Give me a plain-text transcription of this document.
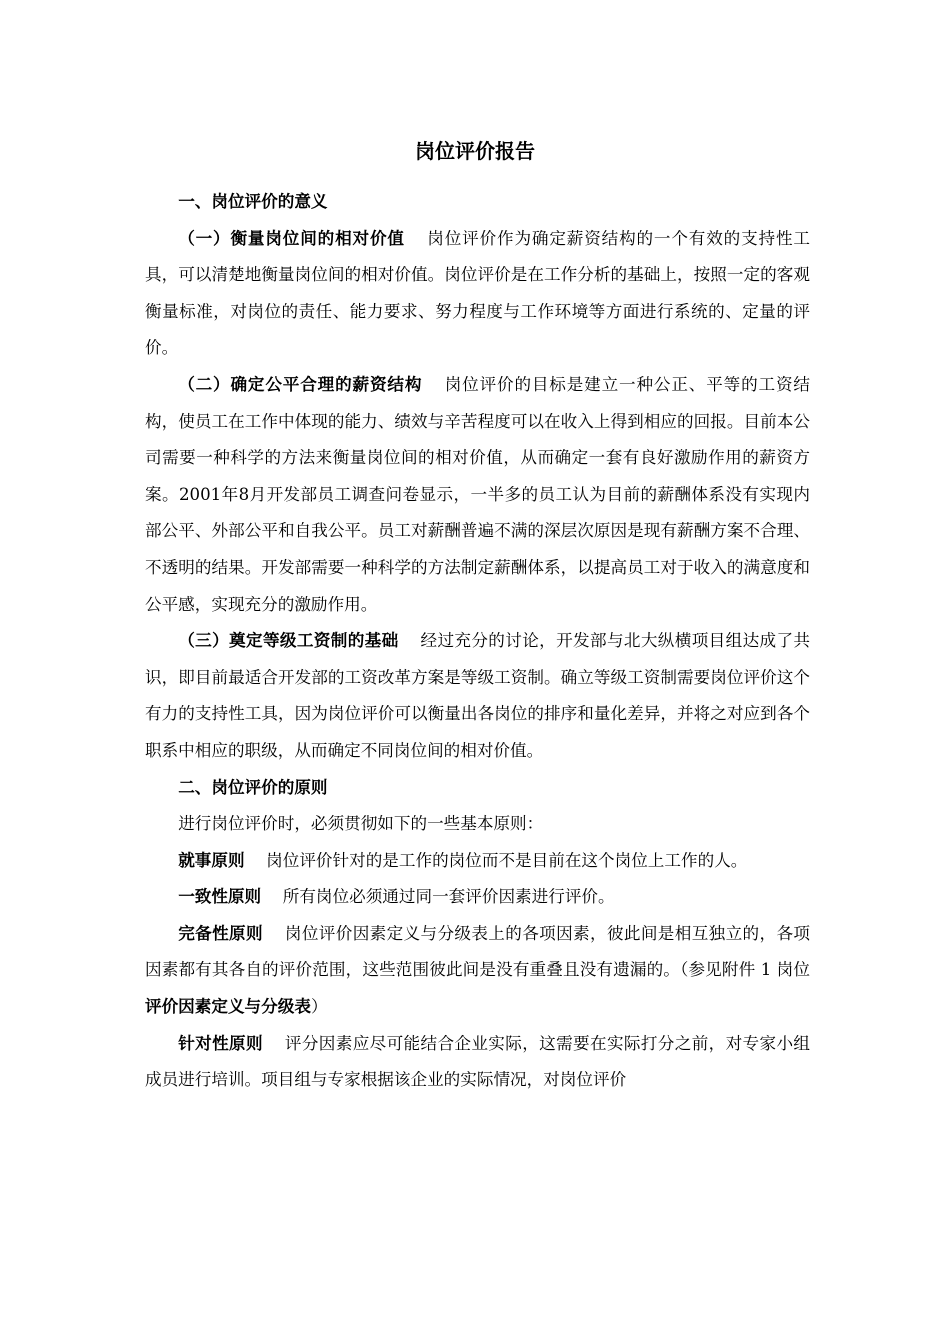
岗位评价报告

一、岗位评价的意义

（一）衡量岗位间的相对价值 岗位评价作为确定薪资结构的一个有效的支持性工具，可以清楚地衡量岗位间的相对价值。岗位评价是在工作分析的基础上，按照一定的客观衡量标准，对岗位的责任、能力要求、努力程度与工作环境等方面进行系统的、定量的评价。

（二）确定公平合理的薪资结构 岗位评价的目标是建立一种公正、平等的工资结构，使员工在工作中体现的能力、绩效与辛苦程度可以在收入上得到相应的回报。目前本公司需要一种科学的方法来衡量岗位间的相对价值，从而确定一套有良好激励作用的薪资方案。2001年8月开发部员工调查问卷显示，一半多的员工认为目前的薪酬体系没有实现内部公平、外部公平和自我公平。员工对薪酬普遍不满的深层次原因是现有薪酬方案不合理、不透明的结果。开发部需要一种科学的方法制定薪酬体系，以提高员工对于收入的满意度和公平感，实现充分的激励作用。

（三）奠定等级工资制的基础 经过充分的讨论，开发部与北大纵横项目组达成了共识，即目前最适合开发部的工资改革方案是等级工资制。确立等级工资制需要岗位评价这个有力的支持性工具，因为岗位评价可以衡量出各岗位的排序和量化差异，并将之对应到各个职系中相应的职级，从而确定不同岗位间的相对价值。

二、岗位评价的原则

进行岗位评价时，必须贯彻如下的一些基本原则：

就事原则 岗位评价针对的是工作的岗位而不是目前在这个岗位上工作的人。

一致性原则 所有岗位必须通过同一套评价因素进行评价。

完备性原则 岗位评价因素定义与分级表上的各项因素，彼此间是相互独立的，各项因素都有其各自的评价范围，这些范围彼此间是没有重叠且没有遗漏的。（参见附件 1 岗位评价因素定义与分级表）

针对性原则 评分因素应尽可能结合企业实际，这需要在实际打分之前，对专家小组成员进行培训。项目组与专家根据该企业的实际情况，对岗位评价
